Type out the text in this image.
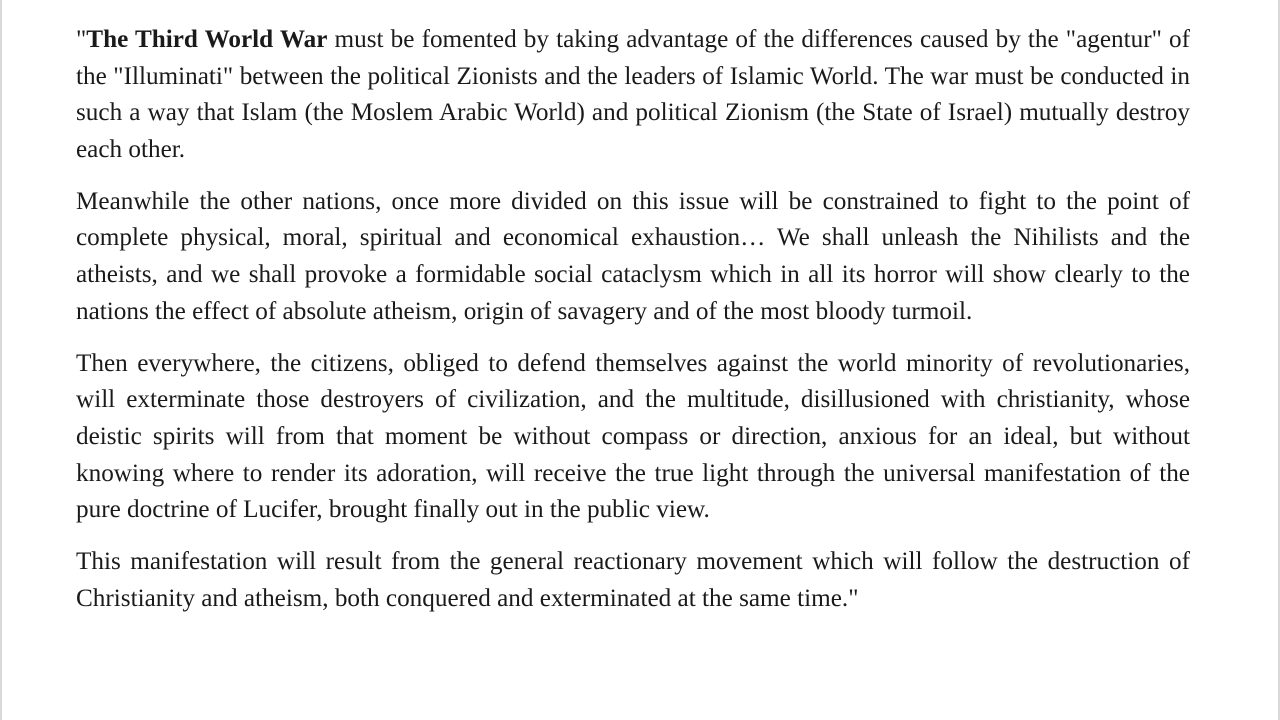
"The Third World War must be fomented by taking advantage of the differences caused by the "agentur" of the "Illuminati" between the political Zionists and the leaders of Islamic World. The war must be conducted in such a way that Islam (the Moslem Arabic World) and political Zionism (the State of Israel) mutually destroy each other.

Meanwhile the other nations, once more divided on this issue will be constrained to fight to the point of complete physical, moral, spiritual and economical exhaustion… We shall unleash the Nihilists and the atheists, and we shall provoke a formidable social cataclysm which in all its horror will show clearly to the nations the effect of absolute atheism, origin of savagery and of the most bloody turmoil.

Then everywhere, the citizens, obliged to defend themselves against the world minority of revolutionaries, will exterminate those destroyers of civilization, and the multitude, disillusioned with christianity, whose deistic spirits will from that moment be without compass or direction, anxious for an ideal, but without knowing where to render its adoration, will receive the true light through the universal manifestation of the pure doctrine of Lucifer, brought finally out in the public view.

This manifestation will result from the general reactionary movement which will follow the destruction of Christianity and atheism, both conquered and exterminated at the same time."
